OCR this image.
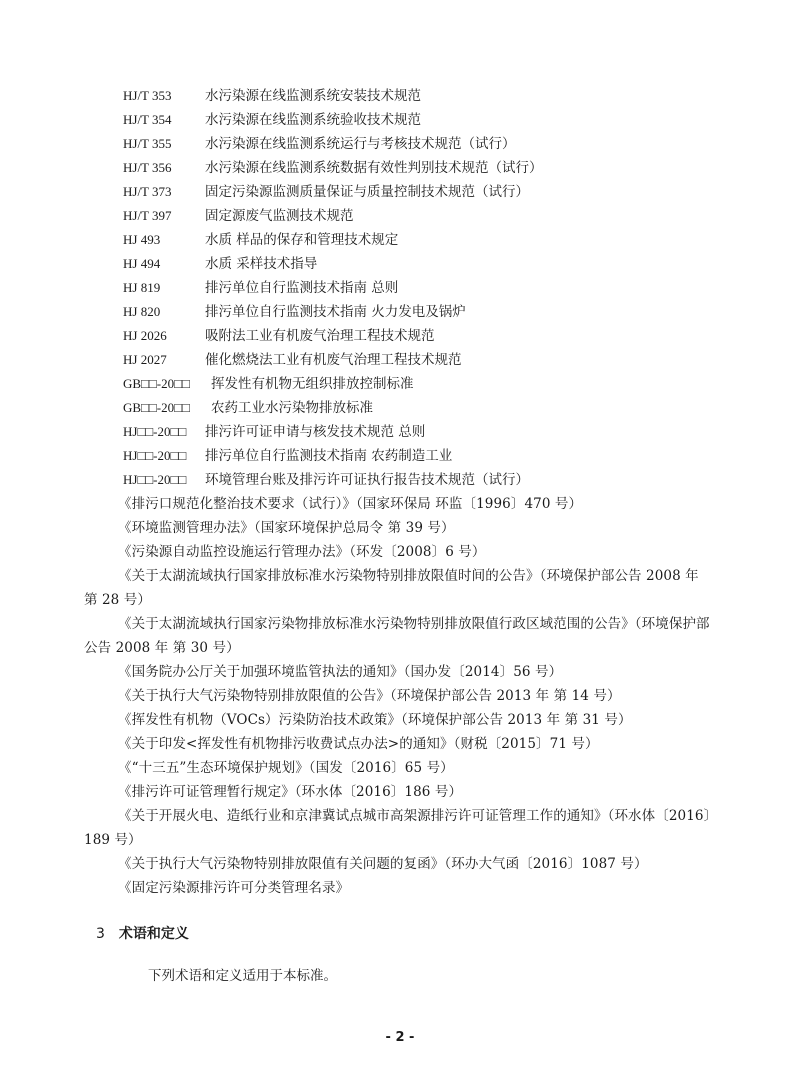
HJ/T 353 水污染源在线监测系统安装技术规范
HJ/T 354 水污染源在线监测系统验收技术规范
HJ/T 355 水污染源在线监测系统运行与考核技术规范（试行）
HJ/T 356 水污染源在线监测系统数据有效性判别技术规范（试行）
HJ/T 373 固定污染源监测质量保证与质量控制技术规范（试行）
HJ/T 397 固定源废气监测技术规范
HJ 493	水质 样品的保存和管理技术规定
HJ 494	水质 采样技术指导
HJ 819	排污单位自行监测技术指南 总则
HJ 820	排污单位自行监测技术指南 火力发电及锅炉
HJ 2026	吸附法工业有机废气治理工程技术规范
HJ 2027	催化燃烧法工业有机废气治理工程技术规范
GB□□-20□□ 挥发性有机物无组织排放控制标准
GB□□-20□□ 农药工业水污染物排放标准
HJ□□-20□□ 排污许可证申请与核发技术规范 总则
HJ□□-20□□ 排污单位自行监测技术指南 农药制造工业
HJ□□-20□□ 环境管理台账及排污许可证执行报告技术规范（试行）

《排污口规范化整治技术要求（试行）》（国家环保局 环监〔1996〕470 号）

《环境监测管理办法》（国家环境保护总局令 第 39 号）

《污染源自动监控设施运行管理办法》（环发〔2008〕6 号）

《关于太湖流域执行国家排放标准水污染物特别排放限值时间的公告》（环境保护部公告 2008 年 第 28 号）

《关于太湖流域执行国家污染物排放标准水污染物特别排放限值行政区域范围的公告》（环境保护部公告 2008 年 第 30 号）

《国务院办公厅关于加强环境监管执法的通知》（国办发〔2014〕56 号）

《关于执行大气污染物特别排放限值的公告》（环境保护部公告 2013 年 第 14 号）

《挥发性有机物（VOCs）污染防治技术政策》（环境保护部公告 2013 年 第 31 号）

《关于印发<挥发性有机物排污收费试点办法>的通知》（财税〔2015〕71 号）

《“十三五”生态环境保护规划》（国发〔2016〕65 号）

《排污许可证管理暂行规定》（环水体〔2016〕186 号）

《关于开展火电、造纸行业和京津冀试点城市高架源排污许可证管理工作的通知》（环水体〔2016〕189 号）

《关于执行大气污染物特别排放限值有关问题的复函》（环办大气函〔2016〕1087 号）

《固定污染源排污许可分类管理名录》

3 术语和定义
下列术语和定义适用于本标准。
- 2 -
